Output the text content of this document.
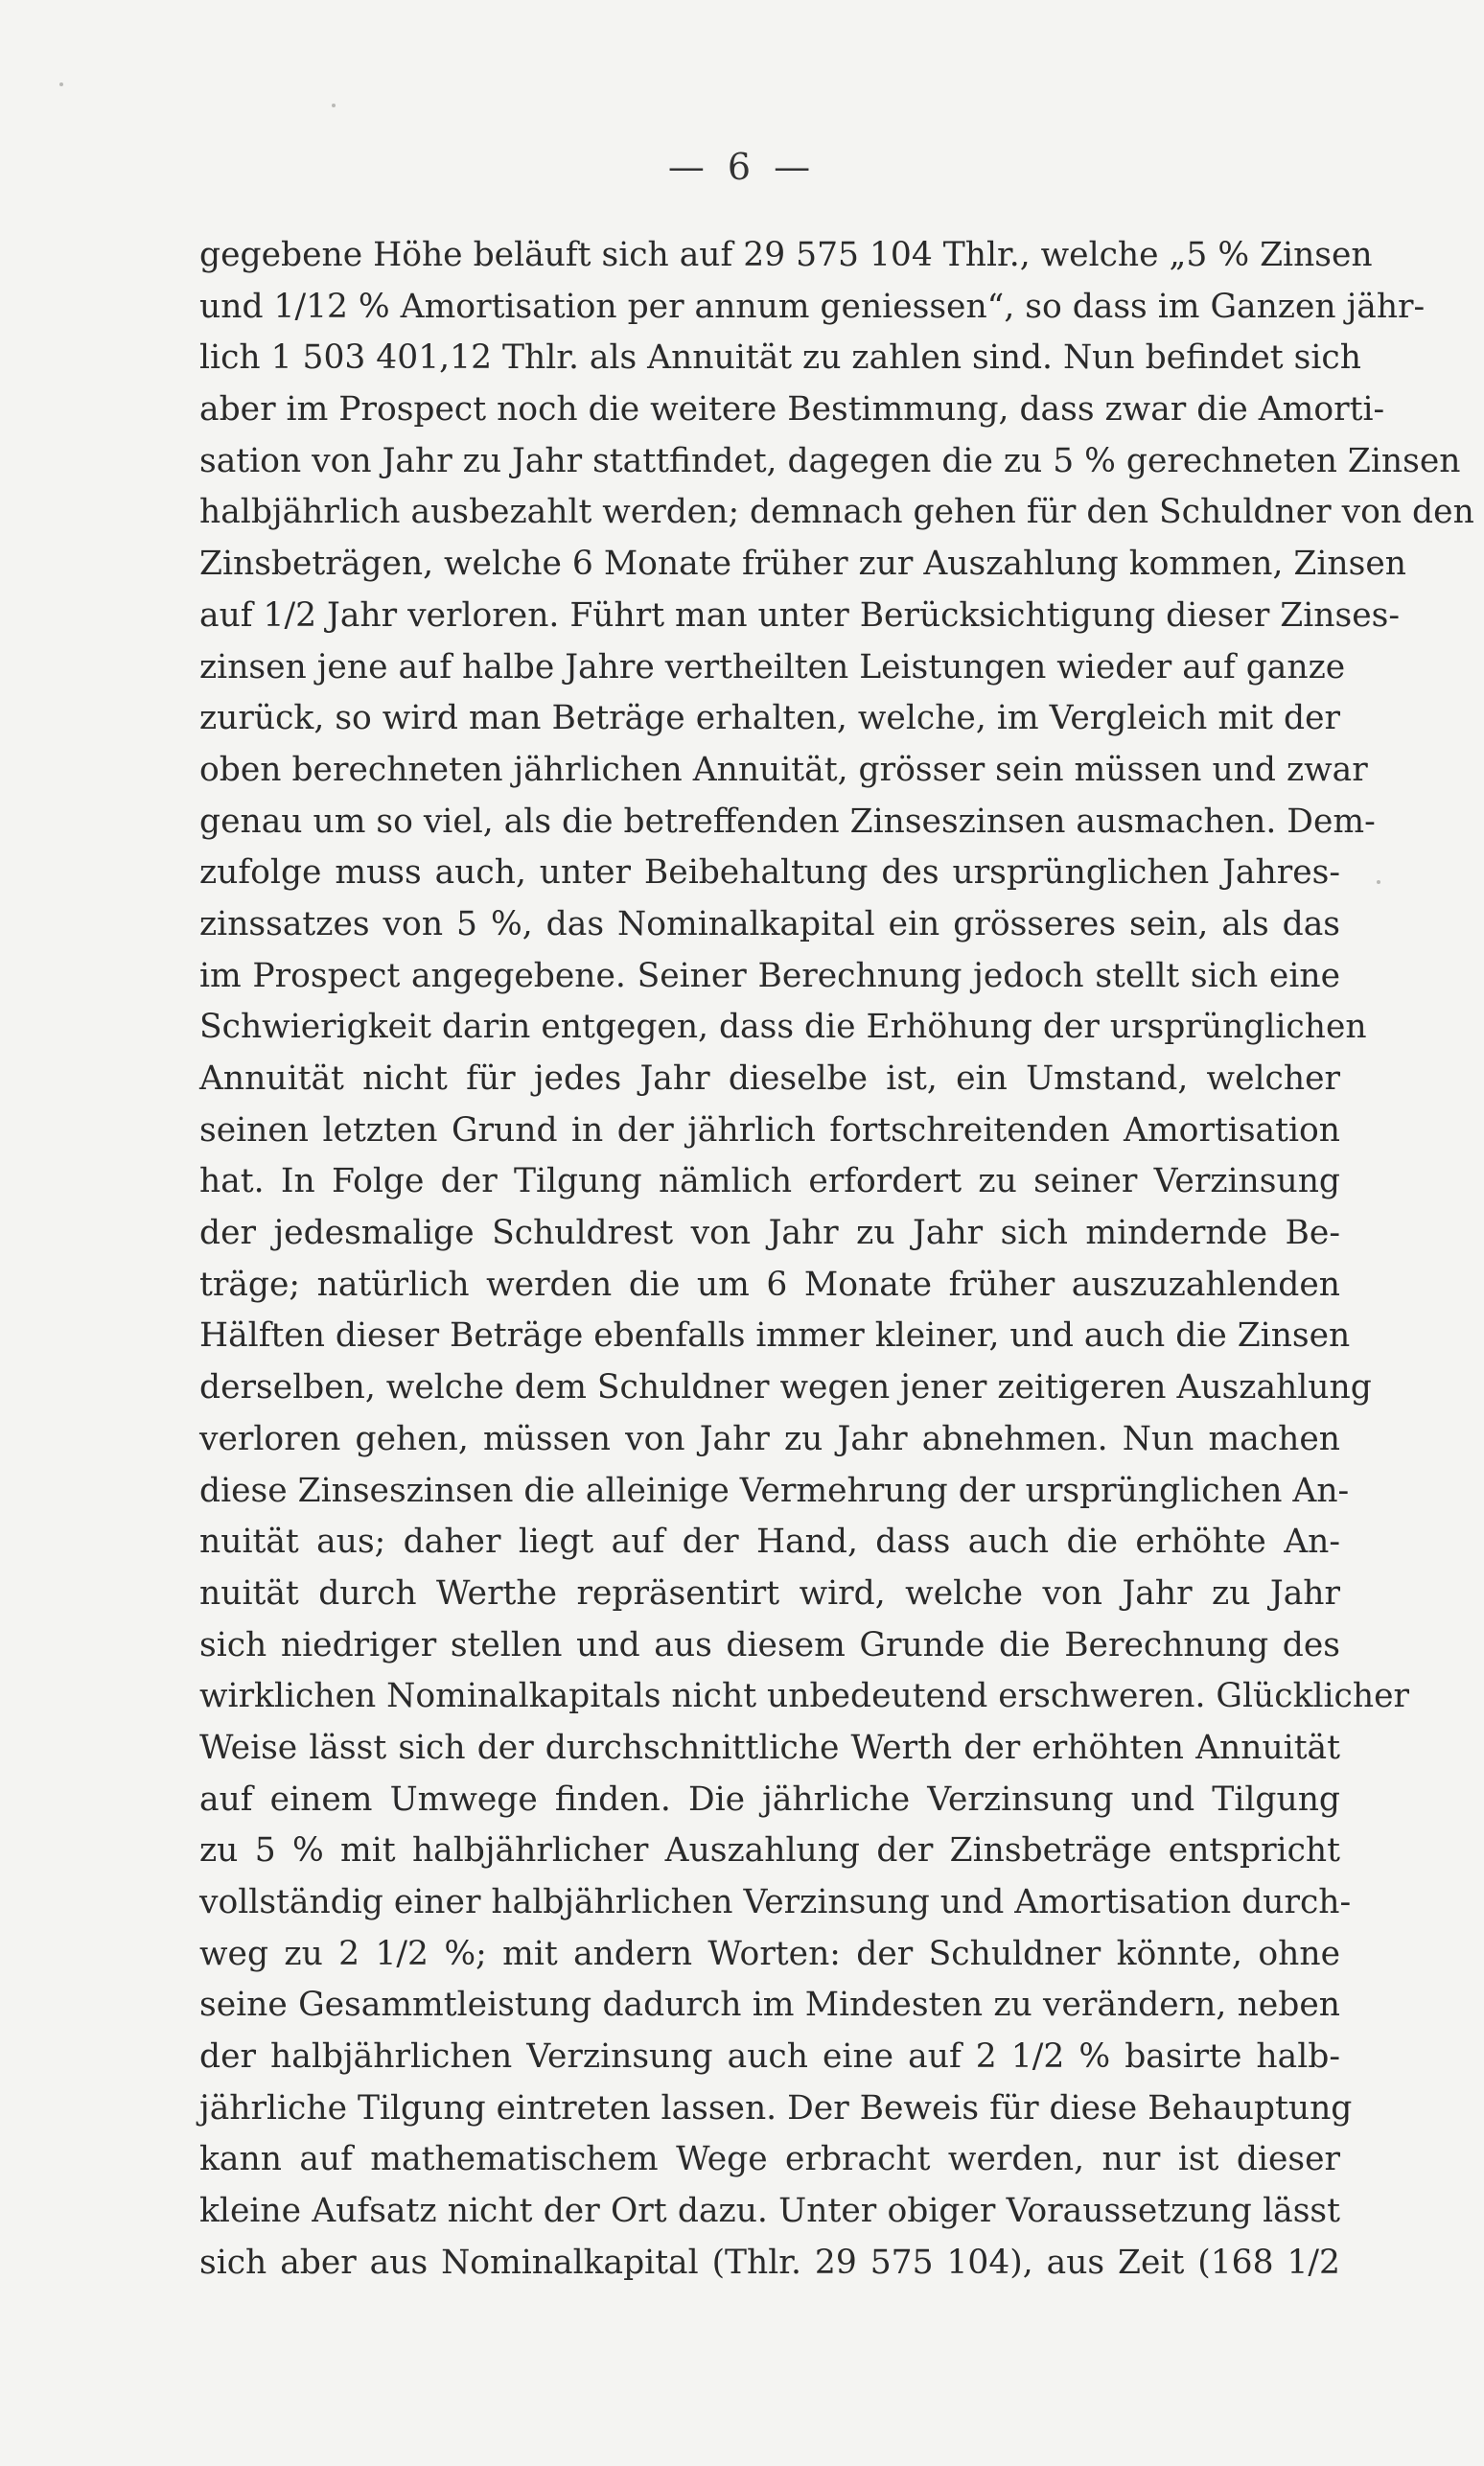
— 6 —
gegebene Höhe beläuft sich auf 29 575 104 Thlr., welche „5 % Zinsen
und 1/12 % Amortisation per annum geniessen“, so dass im Ganzen jähr-
lich 1 503 401,12 Thlr. als Annuität zu zahlen sind. Nun befindet sich
aber im Prospect noch die weitere Bestimmung, dass zwar die Amorti-
sation von Jahr zu Jahr stattfindet, dagegen die zu 5 % gerechneten Zinsen
halbjährlich ausbezahlt werden; demnach gehen für den Schuldner von den
Zinsbeträgen, welche 6 Monate früher zur Auszahlung kommen, Zinsen
auf 1/2 Jahr verloren. Führt man unter Berücksichtigung dieser Zinses-
zinsen jene auf halbe Jahre vertheilten Leistungen wieder auf ganze
zurück, so wird man Beträge erhalten, welche, im Vergleich mit der
oben berechneten jährlichen Annuität, grösser sein müssen und zwar
genau um so viel, als die betreffenden Zinseszinsen ausmachen. Dem-
zufolge muss auch, unter Beibehaltung des ursprünglichen Jahres-
zinssatzes von 5 %, das Nominalkapital ein grösseres sein, als das
im Prospect angegebene. Seiner Berechnung jedoch stellt sich eine
Schwierigkeit darin entgegen, dass die Erhöhung der ursprünglichen
Annuität nicht für jedes Jahr dieselbe ist, ein Umstand, welcher
seinen letzten Grund in der jährlich fortschreitenden Amortisation
hat. In Folge der Tilgung nämlich erfordert zu seiner Verzinsung
der jedesmalige Schuldrest von Jahr zu Jahr sich mindernde Be-
träge; natürlich werden die um 6 Monate früher auszuzahlenden
Hälften dieser Beträge ebenfalls immer kleiner, und auch die Zinsen
derselben, welche dem Schuldner wegen jener zeitigeren Auszahlung
verloren gehen, müssen von Jahr zu Jahr abnehmen. Nun machen
diese Zinseszinsen die alleinige Vermehrung der ursprünglichen An-
nuität aus; daher liegt auf der Hand, dass auch die erhöhte An-
nuität durch Werthe repräsentirt wird, welche von Jahr zu Jahr
sich niedriger stellen und aus diesem Grunde die Berechnung des
wirklichen Nominalkapitals nicht unbedeutend erschweren. Glücklicher
Weise lässt sich der durchschnittliche Werth der erhöhten Annuität
auf einem Umwege finden. Die jährliche Verzinsung und Tilgung
zu 5 % mit halbjährlicher Auszahlung der Zinsbeträge entspricht
vollständig einer halbjährlichen Verzinsung und Amortisation durch-
weg zu 2 1/2 %; mit andern Worten: der Schuldner könnte, ohne
seine Gesammtleistung dadurch im Mindesten zu verändern, neben
der halbjährlichen Verzinsung auch eine auf 2 1/2 % basirte halb-
jährliche Tilgung eintreten lassen. Der Beweis für diese Behauptung
kann auf mathematischem Wege erbracht werden, nur ist dieser
kleine Aufsatz nicht der Ort dazu. Unter obiger Voraussetzung lässt
sich aber aus Nominalkapital (Thlr. 29 575 104), aus Zeit (168 1/2
